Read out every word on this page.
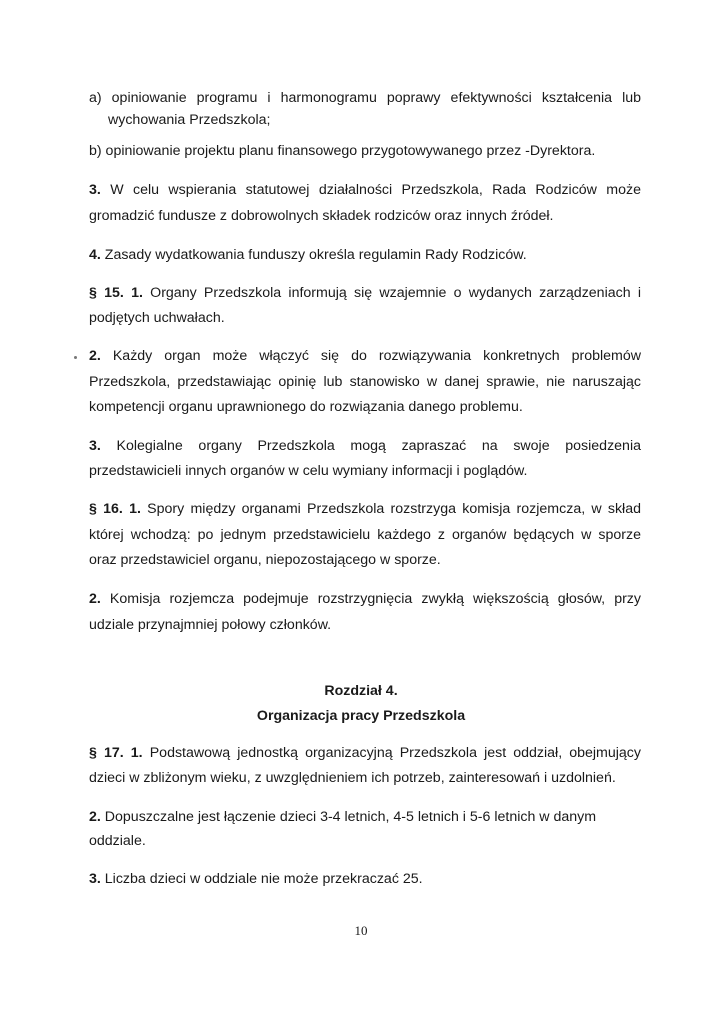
a) opiniowanie programu i harmonogramu poprawy efektywności kształcenia lub
wychowania Przedszkola;
b) opiniowanie projektu planu finansowego przygotowywanego przez -Dyrektora.
3. W celu wspierania statutowej działalności Przedszkola, Rada Rodziców może
gromadzić fundusze z dobrowolnych składek rodziców oraz innych źródeł.
4. Zasady wydatkowania funduszy określa regulamin Rady Rodziców.
§ 15. 1. Organy Przedszkola informują się wzajemnie o wydanych zarządzeniach i
podjętych uchwałach.
2. Każdy organ może włączyć się do rozwiązywania konkretnych problemów
Przedszkola, przedstawiając opinię lub stanowisko w danej sprawie, nie naruszając
kompetencji organu uprawnionego do rozwiązania danego problemu.
3. Kolegialne organy Przedszkola mogą zapraszać na swoje posiedzenia
przedstawicieli innych organów w celu wymiany informacji i poglądów.
§ 16. 1. Spory między organami Przedszkola rozstrzyga komisja rozjemcza, w skład
której wchodzą: po jednym przedstawicielu każdego z organów będących w sporze
oraz przedstawiciel organu, niepozostającego w sporze.
2. Komisja rozjemcza podejmuje rozstrzygnięcia zwykłą większością głosów, przy
udziale przynajmniej połowy członków.
Rozdział 4.
Organizacja pracy Przedszkola
§ 17. 1. Podstawową jednostką organizacyjną Przedszkola jest oddział, obejmujący
dzieci w zbliżonym wieku, z uwzględnieniem ich potrzeb, zainteresowań i uzdolnień.
2. Dopuszczalne jest łączenie dzieci 3-4 letnich, 4-5 letnich i 5-6 letnich w danym
oddziale.
3. Liczba dzieci w oddziale nie może przekraczać 25.
10
